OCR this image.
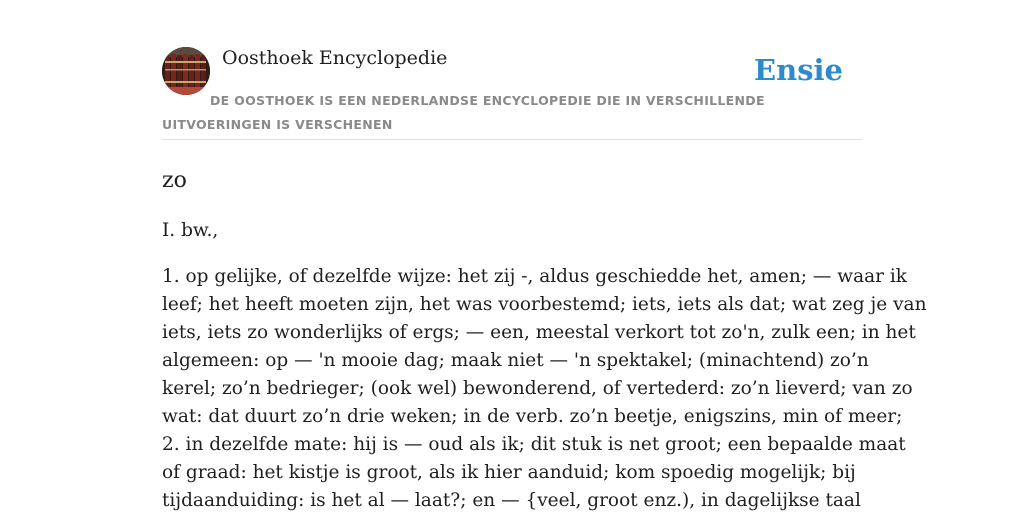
Oosthoek Encyclopedie	Ensie
DE OOSTHOEK IS EEN NEDERLANDSE ENCYCLOPEDIE DIE IN VERSCHILLENDE UITVOERINGEN IS VERSCHENEN
zo

I. bw.,

1. op gelijke, of dezelfde wijze: het zij -, aldus geschiedde het, amen; — waar ik
leef; het heeft moeten zijn, het was voorbestemd; iets, iets als dat; wat zeg je van
iets, iets zo wonderlijks of ergs; — een, meestal verkort tot zo'n, zulk een; in het
algemeen: op — 'n mooie dag; maak niet — 'n spektakel; (minachtend) zo’n
kerel; zo’n bedrieger; (ook wel) bewonderend, of vertederd: zo’n lieverd; van zo
wat: dat duurt zo’n drie weken; in de verb. zo’n beetje, enigszins, min of meer;
2. in dezelfde mate: hij is — oud als ik; dit stuk is net groot; een bepaalde maat
of graad: het kistje is groot, als ik hier aanduid; kom spoedig mogelijk; bij
tijdaanduiding: is het al — laat?; en — {veel, groot enz.), in dagelijkse taal
